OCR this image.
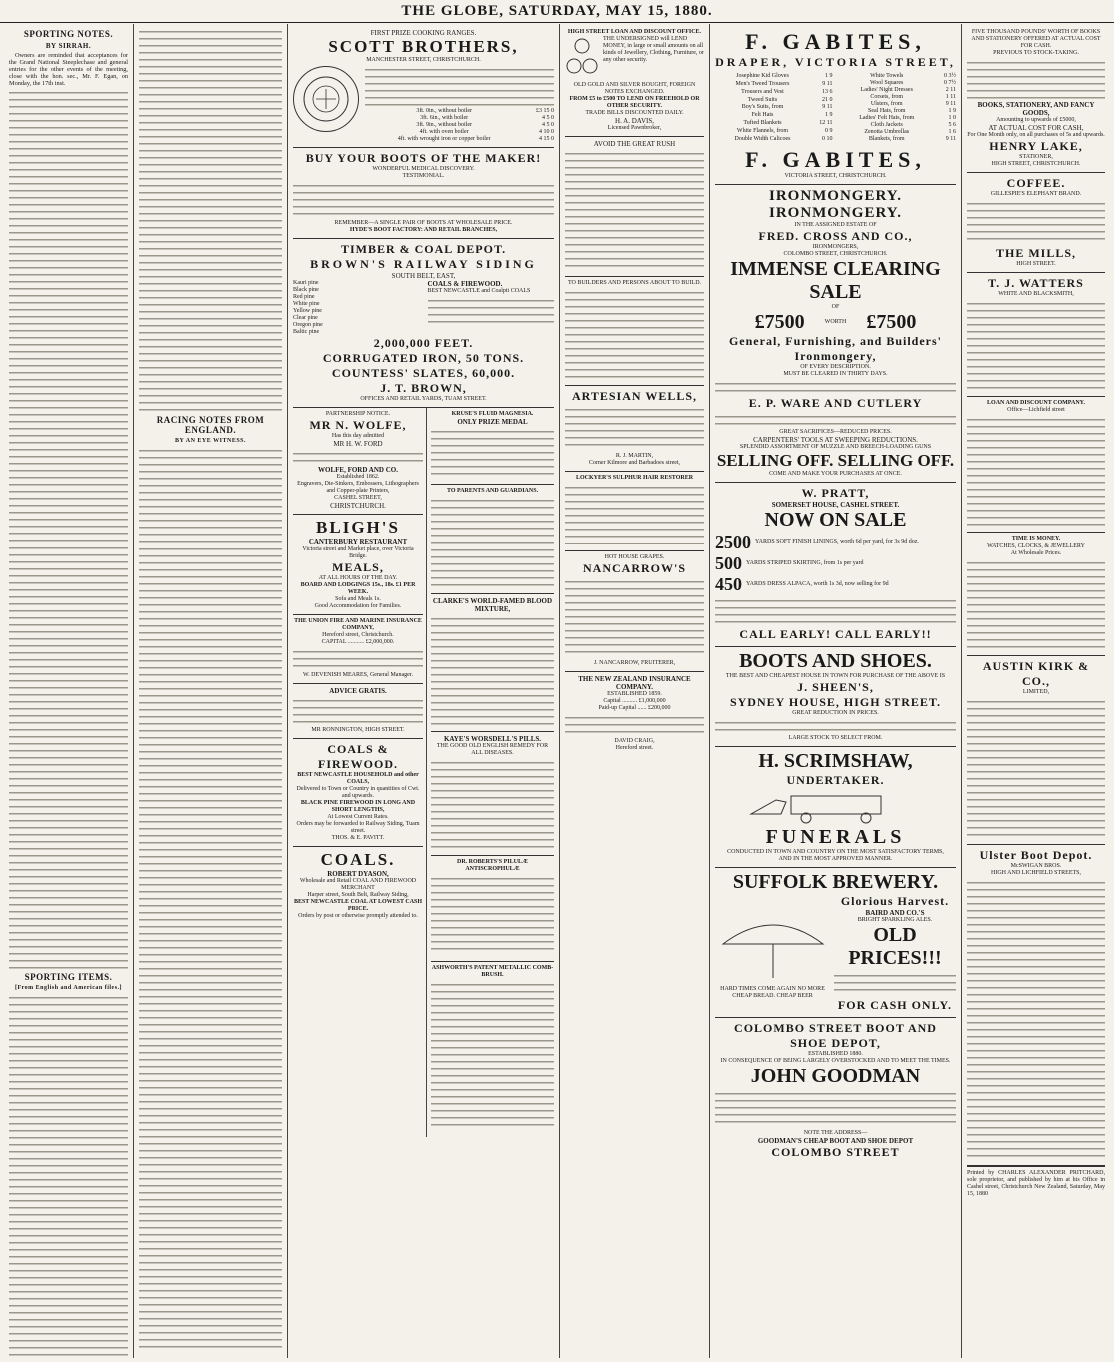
THE GLOBE, SATURDAY, MAY 15, 1880.
SPORTING NOTES.
BY SIRRAH.

Owners are reminded that acceptances for the Grand National Steeplechase and general entries for the other events of the meeting, close with the hon. sec., Mr. F. Egan, on Monday, the 17th inst.

SPORTING ITEMS.
[From English and American files.]
RACING NOTES FROM ENGLAND.
BY AN EYE WITNESS.
FIRST PRIZE COOKING RANGES.
SCOTT BROTHERS,
MANCHESTER STREET, CHRISTCHURCH.
3ft. 0in., without boiler	£3 15 0
3ft. 6in., with boiler	4 5 0
3ft. 9in., without boiler	4 5 0
4ft. with oven boiler	4 10 0
4ft. with wrought iron or copper boiler	4 15 0
BUY YOUR BOOTS OF THE MAKER!
WONDERFUL MEDICAL DISCOVERY.
TESTIMONIAL.
REMEMBER—A SINGLE PAIR OF BOOTS AT WHOLESALE PRICE.
HYDE'S BOOT FACTORY: AND RETAIL BRANCHES,
TIMBER & COAL DEPOT.
BROWN'S RAILWAY SIDING
SOUTH BELT, EAST,
Kauri pine
Black pine
Red pine
White pine
Yellow pine
Clear pine
Oregon pine
Baltic pine
COALS & FIREWOOD.
BEST NEWCASTLE and Coalpit COALS
2,000,000 FEET.
CORRUGATED IRON, 50 TONS.
COUNTESS' SLATES, 60,000.
J. T. BROWN,
OFFICES AND RETAIL YARDS, TUAM STREET.
PARTNERSHIP NOTICE.
MR N. WOLFE,
Has this day admitted
MR H. W. FORD
WOLFE, FORD AND CO.
Established 1862.
Engravers, Die-Sinkers, Embossers, Lithographers and Copper-plate Printers,
CASHEL STREET,
CHRISTCHURCH.
BLIGH'S
CANTERBURY RESTAURANT
Victoria street and Market place, over Victoria Bridge.
MEALS,
AT ALL HOURS OF THE DAY.
BOARD AND LODGINGS 15s., 18s. £1 PER WEEK.
Sofa and Meals 1s.
Good Accommodation for Families.
THE UNION FIRE AND MARINE INSURANCE COMPANY,
Hereford street, Christchurch.
CAPITAL ........... £2,000,000.
W. DEVENISH MEARES, General Manager.
ADVICE GRATIS.
MR RONNINGTON, HIGH STREET.
COALS & FIREWOOD.
BEST NEWCASTLE HOUSEHOLD and other COALS,
Delivered to Town or Country in quantities of Cwt. and upwards.
BLACK PINE FIREWOOD IN LONG AND SHORT LENGTHS,
At Lowest Current Rates.
Orders may be forwarded to Railway Siding, Tuam street.
THOS. & E. PAVITT.
COALS.
ROBERT DYASON,
Wholesale and Retail COAL AND FIREWOOD MERCHANT
Harper street, South Belt, Railway Siding,
BEST NEWCASTLE COAL AT LOWEST CASH PRICE.
Orders by post or otherwise promptly attended to.
KRUSE'S FLUID MAGNESIA.
ONLY PRIZE MEDAL
TO PARENTS AND GUARDIANS.
CLARKE'S WORLD-FAMED BLOOD MIXTURE,
KAYE'S WORSDELL'S PILLS.
THE GOOD OLD ENGLISH REMEDY FOR ALL DISEASES.
DR. ROBERTS'S PILULÆ ANTISCROPHULÆ
ASHWORTH'S PATENT METALLIC COMB-BRUSH.
HIGH STREET LOAN AND DISCOUNT OFFICE.
THE UNDERSIGNED will LEND MONEY, in large or small amounts on all kinds of Jewellery, Clothing, Furniture, or any other security.
OLD GOLD AND SILVER BOUGHT, FOREIGN NOTES EXCHANGED.
FROM £5 to £500 TO LEND ON FREEHOLD OR OTHER SECURITY.
TRADE BILLS DISCOUNTED DAILY.
H. A. DAVIS,
Licensed Pawnbroker,
AVOID THE GREAT RUSH
TO BUILDERS AND PERSONS ABOUT TO BUILD.
ARTESIAN WELLS,
R. J. MARTIN,
Corner Kilmore and Barbadoes street,
LOCKYER'S SULPHUR HAIR RESTORER
HOT HOUSE GRAPES.
NANCARROW'S
J. NANCARROW, FRUITERER,
THE NEW ZEALAND INSURANCE COMPANY.
ESTABLISHED 1859.
Capital .......... £1,000,000
Paid-up Capital ...... £200,000
DAVID CRAIG,
Hereford street.
F. GABITES,
DRAPER, VICTORIA STREET,
Josephine Kid Gloves	1 9
Men's Tweed Trousers	9 11
Trousers and Vest	13 6
Tweed Suits	21 0
Boy's Suits, from	9 11
Felt Hats	1 9
Tufted Blankets	12 11
White Flannels, from	0 9
Double Width Calicoes	0 10
White Towels	0 3½
Wool Squares	0 7½
Ladies' Night Dresses	2 11
Corsets, from	1 11
Ulsters, from	9 11
Seal Hats, from	1 9
Ladies' Felt Hats, from	1 0
Cloth Jackets	5 6
Zenotta Umbrellas	1 6
Blankets, from	9 11
F. GABITES,
VICTORIA STREET, CHRISTCHURCH.
IRONMONGERY. IRONMONGERY.
IN THE ASSIGNED ESTATE OF
FRED. CROSS AND CO.,
IRONMONGERS,
COLOMBO STREET, CHRISTCHURCH.
IMMENSE CLEARING SALE
OF
£7500	WORTH £7500
General, Furnishing, and Builders' Ironmongery,
OF EVERY DESCRIPTION.
MUST BE CLEARED IN THIRTY DAYS.
E. P. WARE AND CUTLERY
GREAT SACRIFICES—REDUCED PRICES.
CARPENTERS' TOOLS AT SWEEPING REDUCTIONS.
SPLENDID ASSORTMENT OF MUZZLE AND BREECH-LOADING GUNS
SELLING OFF. SELLING OFF.
COME AND MAKE YOUR PURCHASES AT ONCE.
W. PRATT,
SOMERSET HOUSE, CASHEL STREET.
NOW ON SALE
2500 YARDS SOFT FINISH LININGS, worth 6d per yard, for 3s 9d doz.
500 YARDS STRIPED SKIRTING, from 1s per yard
450 YARDS DRESS ALPACA, worth 1s 3d, now selling for 9d
CALL EARLY! CALL EARLY!!
BOOTS AND SHOES.
THE BEST AND CHEAPEST HOUSE IN TOWN FOR PURCHASE OF THE ABOVE IS
J. SHEEN'S,
SYDNEY HOUSE, HIGH STREET.
GREAT REDUCTION IN PRICES.
LARGE STOCK TO SELECT FROM.
H. SCRIMSHAW,
UNDERTAKER.
FUNERALS
CONDUCTED IN TOWN AND COUNTRY ON THE MOST SATISFACTORY TERMS,
AND IN THE MOST APPROVED MANNER.
SUFFOLK BREWERY.
HARD TIMES COME AGAIN NO MORE CHEAP BREAD. CHEAP BEER
Glorious Harvest.
BAIRD AND CO.'S
BRIGHT SPARKLING ALES.
OLD PRICES!!!
FOR CASH ONLY.
COLOMBO STREET BOOT AND SHOE DEPOT,
ESTABLISHED 1880.
IN CONSEQUENCE OF BEING LARGELY OVERSTOCKED AND TO MEET THE TIMES.
JOHN GOODMAN
NOTE THE ADDRESS—
GOODMAN'S CHEAP BOOT AND SHOE DEPOT
COLOMBO STREET
FIVE THOUSAND POUNDS' WORTH OF BOOKS AND STATIONERY OFFERED AT ACTUAL COST FOR CASH.
PREVIOUS TO STOCK-TAKING.
BOOKS, STATIONERY, AND FANCY GOODS,
Amounting to upwards of £5000,
AT ACTUAL COST FOR CASH,
For One Month only, on all purchases of 5s and upwards.
HENRY LAKE,
STATIONER,
HIGH STREET, CHRISTCHURCH.
COFFEE.
GILLESPIE'S ELEPHANT BRAND.
THE MILLS,
HIGH STREET.
T. J. WATTERS
WHITE AND BLACKSMITH,
LOAN AND DISCOUNT COMPANY.
Office—Lichfield street
TIME IS MONEY.
WATCHES, CLOCKS, & JEWELLERY
At Wholesale Prices.
AUSTIN KIRK & CO.,
LIMITED,
Ulster Boot Depot.
McSWIGAN BROS.
HIGH AND LICHFIELD STREETS,
Printed by CHARLES ALEXANDER PRITCHARD, sole proprietor, and published by him at his Office in Cashel street, Christchurch New Zealand, Saturday, May 15, 1880
